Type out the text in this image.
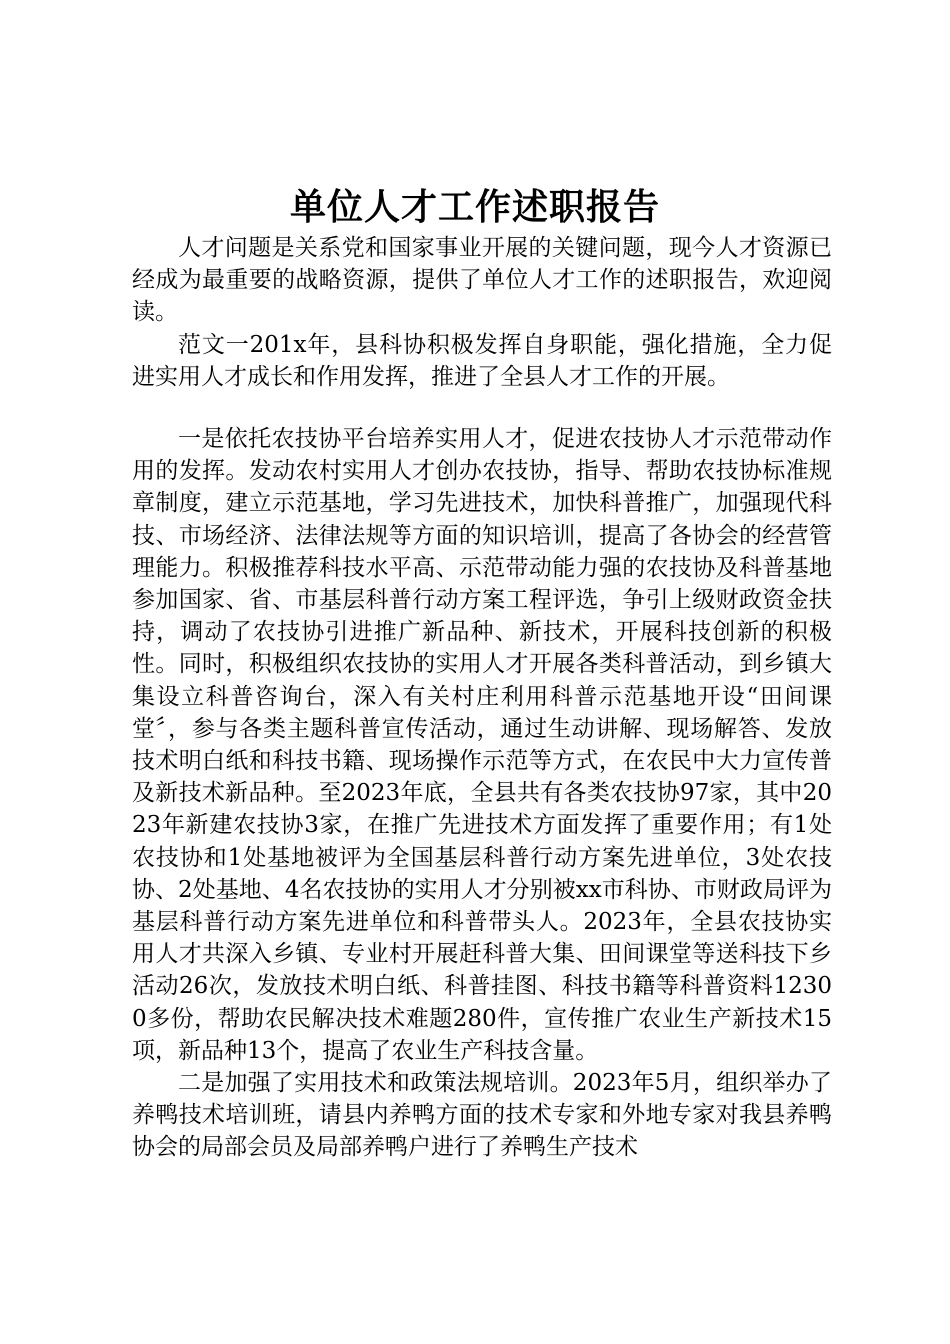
单位人才工作述职报告

人才问题是关系党和国家事业开展的关键问题，现今人才资源已经成为最重要的战略资源，提供了单位人才工作的述职报告，欢迎阅读。

范文一201x年，县科协积极发挥自身职能，强化措施，全力促进实用人才成长和作用发挥，推进了全县人才工作的开展。

一是依托农技协平台培养实用人才，促进农技协人才示范带动作用的发挥。发动农村实用人才创办农技协，指导、帮助农技协标准规章制度，建立示范基地，学习先进技术，加快科普推广，加强现代科技、市场经济、法律法规等方面的知识培训，提高了各协会的经营管理能力。积极推荐科技水平高、示范带动能力强的农技协及科普基地参加国家、省、市基层科普行动方案工程评选，争引上级财政资金扶持，调动了农技协引进推广新品种、新技术，开展科技创新的积极性。同时，积极组织农技协的实用人才开展各类科普活动，到乡镇大集设立科普咨询台，深入有关村庄利用科普示范基地开设“田间课堂〞，参与各类主题科普宣传活动，通过生动讲解、现场解答、发放技术明白纸和科技书籍、现场操作示范等方式，在农民中大力宣传普及新技术新品种。至2023年底，全县共有各类农技协97家，其中2023年新建农技协3家，在推广先进技术方面发挥了重要作用；有1处农技协和1处基地被评为全国基层科普行动方案先进单位，3处农技协、2处基地、4名农技协的实用人才分别被xx市科协、市财政局评为基层科普行动方案先进单位和科普带头人。2023年，全县农技协实用人才共深入乡镇、专业村开展赶科普大集、田间课堂等送科技下乡活动26次，发放技术明白纸、科普挂图、科技书籍等科普资料12300多份，帮助农民解决技术难题280件，宣传推广农业生产新技术15项，新品种13个，提高了农业生产科技含量。

二是加强了实用技术和政策法规培训。2023年5月，组织举办了养鸭技术培训班，请县内养鸭方面的技术专家和外地专家对我县养鸭协会的局部会员及局部养鸭户进行了养鸭生产技术
